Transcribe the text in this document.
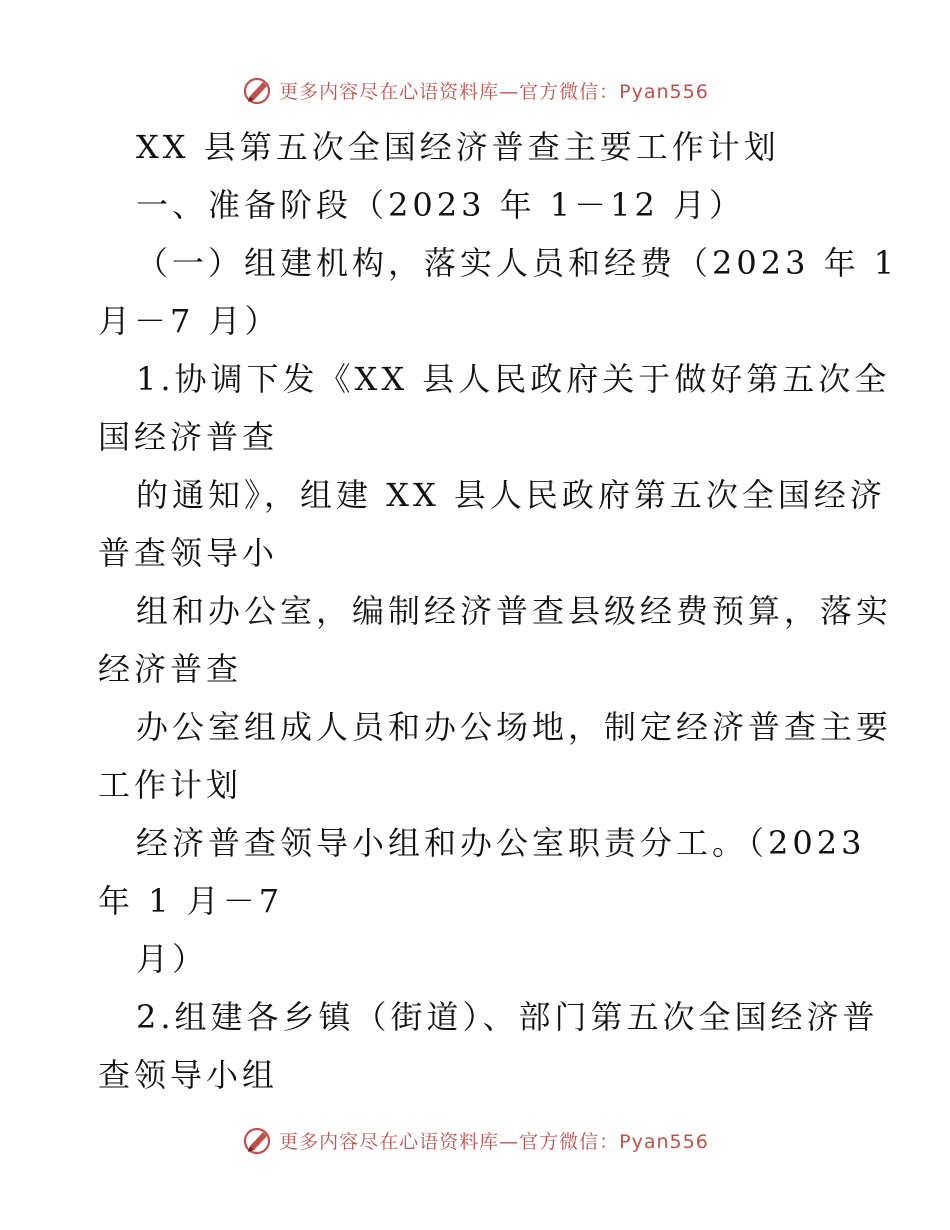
更多内容尽在心语资料库—官方微信：Pyan556

XX 县第五次全国经济普查主要工作计划

一、准备阶段（2023 年 1－12 月）

（一）组建机构，落实人员和经费（2023 年 1

月－7 月）

1.协调下发《XX 县人民政府关于做好第五次全

国经济普查

的通知》，组建 XX 县人民政府第五次全国经济

普查领导小

组和办公室，编制经济普查县级经费预算，落实

经济普查

办公室组成人员和办公场地，制定经济普查主要

工作计划

经济普查领导小组和办公室职责分工。（2023

年 1 月－7

月）

2.组建各乡镇（街道）、部门第五次全国经济普

查领导小组

更多内容尽在心语资料库—官方微信：Pyan556
